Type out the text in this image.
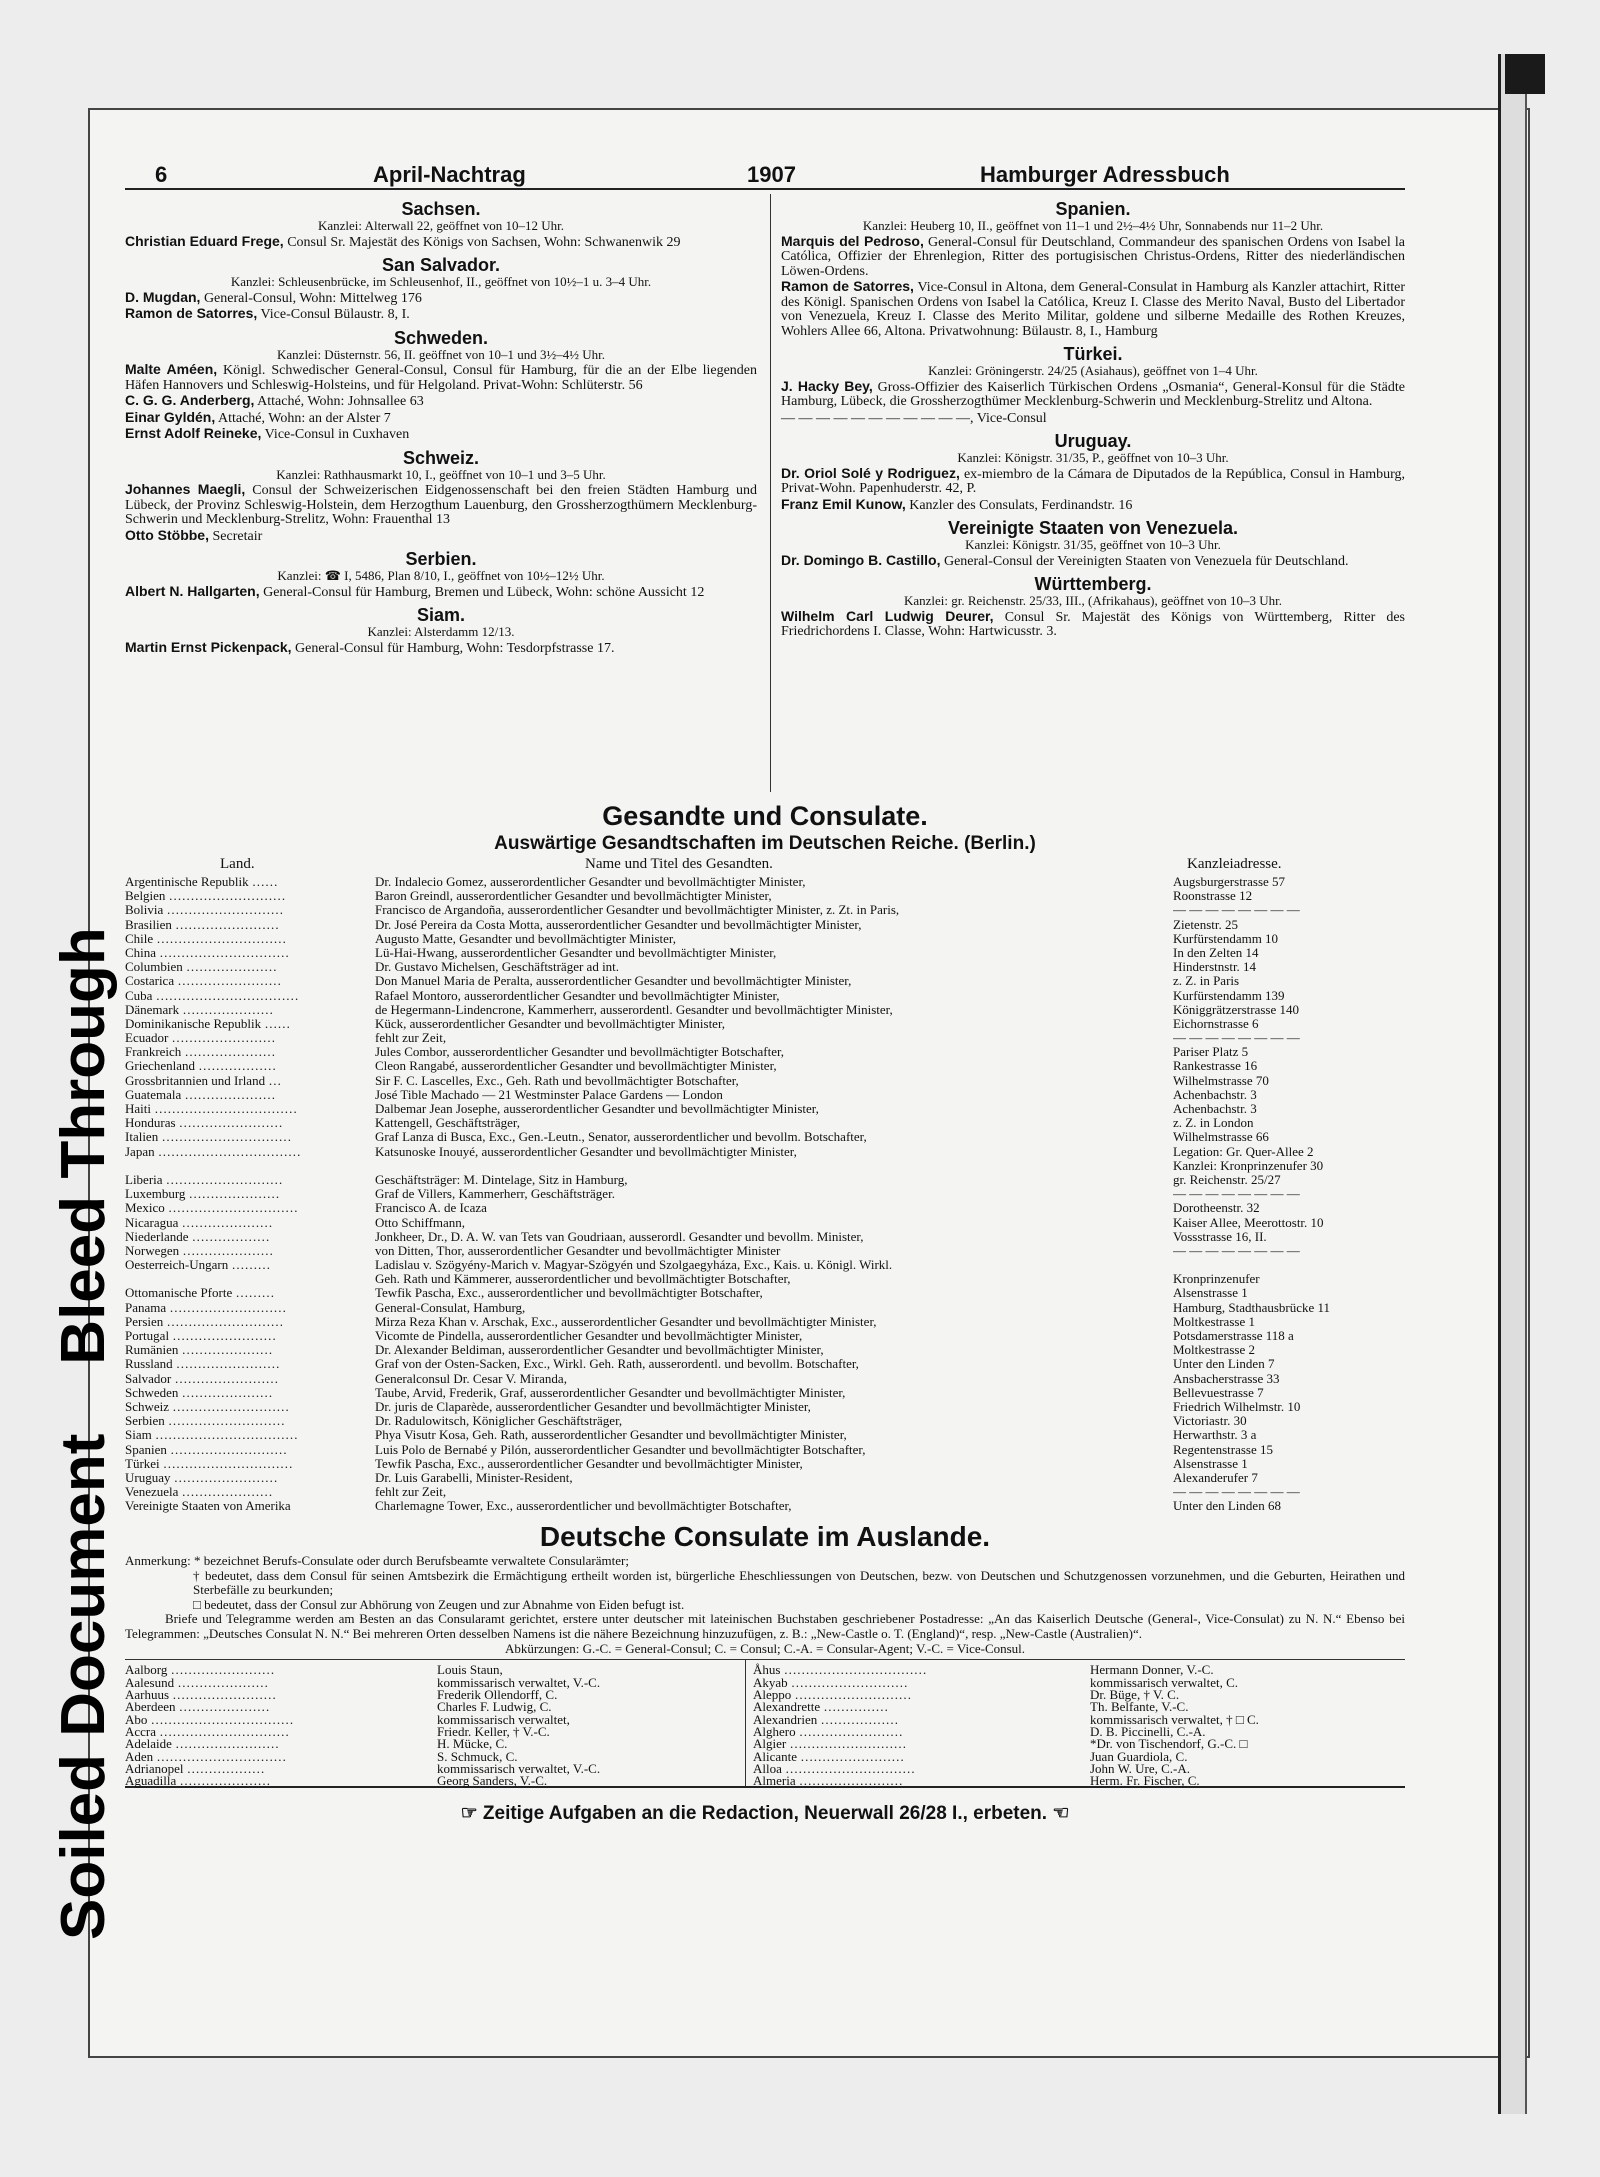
Soiled Document    Bleed Through
6	April-Nachtrag	1907	Hamburger Adressbuch
Sachsen.
Kanzlei: Alterwall 22, geöffnet von 10–12 Uhr.
Christian Eduard Frege, Consul Sr. Majestät des Königs von Sachsen, Wohn: Schwanenwik 29
San Salvador.
Kanzlei: Schleusenbrücke, im Schleusenhof, II., geöffnet von 10½–1 u. 3–4 Uhr.
D. Mugdan, General-Consul, Wohn: Mittelweg 176
Ramon de Satorres, Vice-Consul Bülaustr. 8, I.
Schweden.
Kanzlei: Düsternstr. 56, II. geöffnet von 10–1 und 3½–4½ Uhr.
Malte Améen, Königl. Schwedischer General-Consul, Consul für Hamburg, für die an der Elbe liegenden Häfen Hannovers und Schleswig-Holsteins, und für Helgoland. Privat-Wohn: Schlüterstr. 56
C. G. G. Anderberg, Attaché, Wohn: Johnsallee 63
Einar Gyldén, Attaché, Wohn: an der Alster 7
Ernst Adolf Reineke, Vice-Consul in Cuxhaven
Schweiz.
Kanzlei: Rathhausmarkt 10, I., geöffnet von 10–1 und 3–5 Uhr.
Johannes Maegli, Consul der Schweizerischen Eidgenossenschaft bei den freien Städten Hamburg und Lübeck, der Provinz Schleswig-Holstein, dem Herzogthum Lauenburg, den Grossherzogthümern Mecklenburg-Schwerin und Mecklenburg-Strelitz, Wohn: Frauenthal 13
Otto Stöbbe, Secretair
Serbien.
Kanzlei: ☎ I, 5486, Plan 8/10, I., geöffnet von 10½–12½ Uhr.
Albert N. Hallgarten, General-Consul für Hamburg, Bremen und Lübeck, Wohn: schöne Aussicht 12
Siam.
Kanzlei: Alsterdamm 12/13.
Martin Ernst Pickenpack, General-Consul für Hamburg, Wohn: Tesdorpfstrasse 17.
Spanien.
Kanzlei: Heuberg 10, II., geöffnet von 11–1 und 2½–4½ Uhr, Sonnabends nur 11–2 Uhr.
Marquis del Pedroso, General-Consul für Deutschland, Commandeur des spanischen Ordens von Isabel la Católica, Offizier der Ehrenlegion, Ritter des portugisischen Christus-Ordens, Ritter des niederländischen Löwen-Ordens.
Ramon de Satorres, Vice-Consul in Altona, dem General-Consulat in Hamburg als Kanzler attachirt, Ritter des Königl. Spanischen Ordens von Isabel la Católica, Kreuz I. Classe des Merito Naval, Busto del Libertador von Venezuela, Kreuz I. Classe des Merito Militar, goldene und silberne Medaille des Rothen Kreuzes, Wohlers Allee 66, Altona. Privatwohnung: Bülaustr. 8, I., Hamburg
Türkei.
Kanzlei: Gröningerstr. 24/25 (Asiahaus), geöffnet von 1–4 Uhr.
J. Hacky Bey, Gross-Offizier des Kaiserlich Türkischen Ordens „Osmania“, General-Konsul für die Städte Hamburg, Lübeck, die Grossherzogthümer Mecklenburg-Schwerin und Mecklenburg-Strelitz und Altona.
— — — — — — — — — — —, Vice-Consul
Uruguay.
Kanzlei: Königstr. 31/35, P., geöffnet von 10–3 Uhr.
Dr. Oriol Solé y Rodriguez, ex-miembro de la Cámara de Diputados de la República, Consul in Hamburg, Privat-Wohn. Papenhuderstr. 42, P.
Franz Emil Kunow, Kanzler des Consulats, Ferdinandstr. 16
Vereinigte Staaten von Venezuela.
Kanzlei: Königstr. 31/35, geöffnet von 10–3 Uhr.
Dr. Domingo B. Castillo, General-Consul der Vereinigten Staaten von Venezuela für Deutschland.
Württemberg.
Kanzlei: gr. Reichenstr. 25/33, III., (Afrikahaus), geöffnet von 10–3 Uhr.
Wilhelm Carl Ludwig Deurer, Consul Sr. Majestät des Königs von Württemberg, Ritter des Friedrichordens I. Classe, Wohn: Hartwicusstr. 3.
Gesandte und Consulate.
Auswärtige Gesandtschaften im Deutschen Reiche. (Berlin.)
Land.	Name und Titel des Gesandten.	Kanzleiadresse.
Argentinische Republik ……	Dr. Indalecio Gomez, ausserordentlicher Gesandter und bevollmächtigter Minister,	Augsburgerstrasse 57
Belgien ………………………	Baron Greindl, ausserordentlicher Gesandter und bevollmächtigter Minister,	Roonstrasse 12
Bolivia ………………………	Francisco de Argandoña, ausserordentlicher Gesandter und bevollmächtigter Minister, z. Zt. in Paris,	— — — — — — — —
Brasilien ……………………	Dr. José Pereira da Costa Motta, ausserordentlicher Gesandter und bevollmächtigter Minister,	Zietenstr. 25
Chile …………………………	Augusto Matte, Gesandter und bevollmächtigter Minister,	Kurfürstendamm 10
China …………………………	Lü-Hai-Hwang, ausserordentlicher Gesandter und bevollmächtigter Minister,	In den Zelten 14
Columbien …………………	Dr. Gustavo Michelsen, Geschäftsträger ad int.	Hinderstnstr. 14
Costarica ……………………	Don Manuel Maria de Peralta, ausserordentlicher Gesandter und bevollmächtigter Minister,	z. Z. in Paris
Cuba ……………………………	Rafael Montoro, ausserordentlicher Gesandter und bevollmächtigter Minister,	Kurfürstendamm 139
Dänemark …………………	de Hegermann-Lindencrone, Kammerherr, ausserordentl. Gesandter und bevollmächtigter Minister,	Königgrätzerstrasse 140
Dominikanische Republik ……	Kück, ausserordentlicher Gesandter und bevollmächtigter Minister,	Eichornstrasse 6
Ecuador ……………………	fehlt zur Zeit,	— — — — — — — —
Frankreich …………………	Jules Combor, ausserordentlicher Gesandter und bevollmächtigter Botschafter,	Pariser Platz 5
Griechenland ………………	Cleon Rangabé, ausserordentlicher Gesandter und bevollmächtigter Minister,	Rankestrasse 16
Grossbritannien und Irland …	Sir F. C. Lascelles, Exc., Geh. Rath und bevollmächtigter Botschafter,	Wilhelmstrasse 70
Guatemala …………………	José Tible Machado — 21 Westminster Palace Gardens — London	Achenbachstr. 3
Haiti ……………………………	Dalbemar Jean Josephe, ausserordentlicher Gesandter und bevollmächtigter Minister,	Achenbachstr. 3
Honduras ……………………	Kattengell, Geschäftsträger,	z. Z. in London
Italien …………………………	Graf Lanza di Busca, Exc., Gen.-Leutn., Senator, ausserordentlicher und bevollm. Botschafter,	Wilhelmstrasse 66
Japan ……………………………	Katsunoske Inouyé, ausserordentlicher Gesandter und bevollmächtigter Minister,	Legation: Gr. Quer-Allee 2
Kanzlei: Kronprinzenufer 30
Liberia ………………………	Geschäftsträger: M. Dintelage, Sitz in Hamburg,	gr. Reichenstr. 25/27
Luxemburg …………………	Graf de Villers, Kammerherr, Geschäftsträger.	— — — — — — — —
Mexico …………………………	Francisco A. de Icaza	Dorotheenstr. 32
Nicaragua …………………	Otto Schiffmann,	Kaiser Allee, Meerottostr. 10
Niederlande ………………	Jonkheer, Dr., D. A. W. van Tets van Goudriaan, ausserordl. Gesandter und bevollm. Minister,	Vossstrasse 16, II.
Norwegen …………………	von Ditten, Thor, ausserordentlicher Gesandter und bevollmächtigter Minister	— — — — — — — —
Oesterreich-Ungarn ………	Ladislau v. Szögyény-Marich v. Magyar-Szögyén und Szolgaegyháza, Exc., Kais. u. Königl. Wirkl.
Geh. Rath und Kämmerer, ausserordentlicher und bevollmächtigter Botschafter,	Kronprinzenufer
Ottomanische Pforte ………	Tewfik Pascha, Exc., ausserordentlicher und bevollmächtigter Botschafter,	Alsenstrasse 1
Panama ………………………	General-Consulat, Hamburg,	Hamburg, Stadthausbrücke 11
Persien ………………………	Mirza Reza Khan v. Arschak, Exc., ausserordentlicher Gesandter und bevollmächtigter Minister,	Moltkestrasse 1
Portugal ……………………	Vicomte de Pindella, ausserordentlicher Gesandter und bevollmächtigter Minister,	Potsdamerstrasse 118 a
Rumänien …………………	Dr. Alexander Beldiman, ausserordentlicher Gesandter und bevollmächtigter Minister,	Moltkestrasse 2
Russland ……………………	Graf von der Osten-Sacken, Exc., Wirkl. Geh. Rath, ausserordentl. und bevollm. Botschafter,	Unter den Linden 7
Salvador ……………………	Generalconsul Dr. Cesar V. Miranda,	Ansbacherstrasse 33
Schweden …………………	Taube, Arvid, Frederik, Graf, ausserordentlicher Gesandter und bevollmächtigter Minister,	Bellevuestrasse 7
Schweiz ………………………	Dr. juris de Claparède, ausserordentlicher Gesandter und bevollmächtigter Minister,	Friedrich Wilhelmstr. 10
Serbien ………………………	Dr. Radulowitsch, Königlicher Geschäftsträger,	Victoriastr. 30
Siam ……………………………	Phya Visutr Kosa, Geh. Rath, ausserordentlicher Gesandter und bevollmächtigter Minister,	Herwarthstr. 3 a
Spanien ………………………	Luis Polo de Bernabé y Pilón, ausserordentlicher Gesandter und bevollmächtigter Botschafter,	Regentenstrasse 15
Türkei …………………………	Tewfik Pascha, Exc., ausserordentlicher Gesandter und bevollmächtigter Minister,	Alsenstrasse 1
Uruguay ……………………	Dr. Luis Garabelli, Minister-Resident,	Alexanderufer 7
Venezuela …………………	fehlt zur Zeit,	— — — — — — — —
Vereinigte Staaten von Amerika	Charlemagne Tower, Exc., ausserordentlicher und bevollmächtigter Botschafter,	Unter den Linden 68
Deutsche Consulate im Auslande.
Anmerkung: * bezeichnet Berufs-Consulate oder durch Berufsbeamte verwaltete Consularämter;
† bedeutet, dass dem Consul für seinen Amtsbezirk die Ermächtigung ertheilt worden ist, bürgerliche Eheschliessungen von Deutschen, bezw. von Deutschen und Schutzgenossen vorzunehmen, und die Geburten, Heirathen und Sterbefälle zu beurkunden;
□ bedeutet, dass der Consul zur Abhörung von Zeugen und zur Abnahme von Eiden befugt ist.
Briefe und Telegramme werden am Besten an das Consularamt gerichtet, erstere unter deutscher mit lateinischen Buchstaben geschriebener Postadresse: „An das Kaiserlich Deutsche (General-, Vice-Consulat) zu N. N.“ Ebenso bei Telegrammen: „Deutsches Consulat N. N.“ Bei mehreren Orten desselben Namens ist die nähere Bezeichnung hinzuzufügen, z. B.: „New-Castle o. T. (England)“, resp. „New-Castle (Australien)“.
Abkürzungen: G.-C. = General-Consul; C. = Consul; C.-A. = Consular-Agent; V.-C. = Vice-Consul.
Aalborg ……………………	Louis Staun,
Aalesund …………………	kommissarisch verwaltet, V.-C.
Aarhuus ……………………	Frederik Ollendorff, C.
Aberdeen …………………	Charles F. Ludwig, C.
Abo ……………………………	kommissarisch verwaltet,
Accra …………………………	Friedr. Keller, † V.-C.
Adelaide ……………………	H. Mücke, C.
Aden …………………………	S. Schmuck, C.
Adrianopel ………………	kommissarisch verwaltet, V.-C.
Aguadilla …………………	Georg Sanders, V.-C.
Åhus ……………………………	Hermann Donner, V.-C.
Akyab ………………………	kommissarisch verwaltet, C.
Aleppo ………………………	Dr. Büge, † V. C.
Alexandrette ……………	Th. Belfante, V.-C.
Alexandrien ………………	kommissarisch verwaltet, † □ C.
Alghero ……………………	D. B. Piccinelli, C.-A.
Algier ………………………	*Dr. von Tischendorf, G.-C. □
Alicante ……………………	Juan Guardiola, C.
Alloa …………………………	John W. Ure, C.-A.
Almeria ……………………	Herm. Fr. Fischer, C.
☞ Zeitige Aufgaben an die Redaction, Neuerwall 26/28 I., erbeten. ☜
